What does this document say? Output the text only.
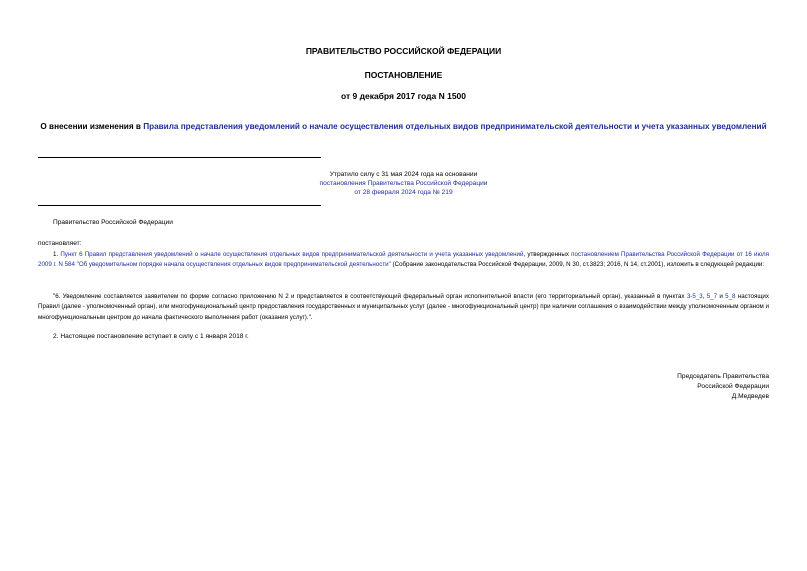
ПРАВИТЕЛЬСТВО РОССИЙСКОЙ ФЕДЕРАЦИИ
ПОСТАНОВЛЕНИЕ
от 9 декабря 2017 года N 1500
О внесении изменения в Правила представления уведомлений о начале осуществления отдельных видов предпринимательской деятельности и учета указанных уведомлений
Утратило силу с 31 мая 2024 года на основании
постановления Правительства Российской Федерации
от 28 февраля 2024 года № 219
Правительство Российской Федерации
постановляет:
1. Пункт 6 Правил представления уведомлений о начале осуществления отдельных видов предпринимательской деятельности и учета указанных уведомлений, утвержденных постановлением Правительства Российской Федерации от 16 июля 2009 г. N 584 "Об уведомительном порядке начала осуществления отдельных видов предпринимательской деятельности" (Собрание законодательства Российской Федерации, 2009, N 30, ст.3823; 2016, N 14, ст.2001), изложить в следующей редакции:
"6. Уведомление составляется заявителем по форме согласно приложению N 2 и представляется в соответствующий федеральный орган исполнительной власти (его территориальный орган), указанный в пунктах 3-5_3, 5_7 и 5_8 настоящих Правил (далее - уполномоченный орган), или многофункциональный центр предоставления государственных и муниципальных услуг (далее - многофункциональный центр) при наличии соглашения о взаимодействии между уполномоченным органом и многофункциональным центром до начала фактического выполнения работ (оказания услуг).".
2. Настоящее постановление вступает в силу с 1 января 2018 г.
Председатель Правительства
Российской Федерации
Д.Медведев
